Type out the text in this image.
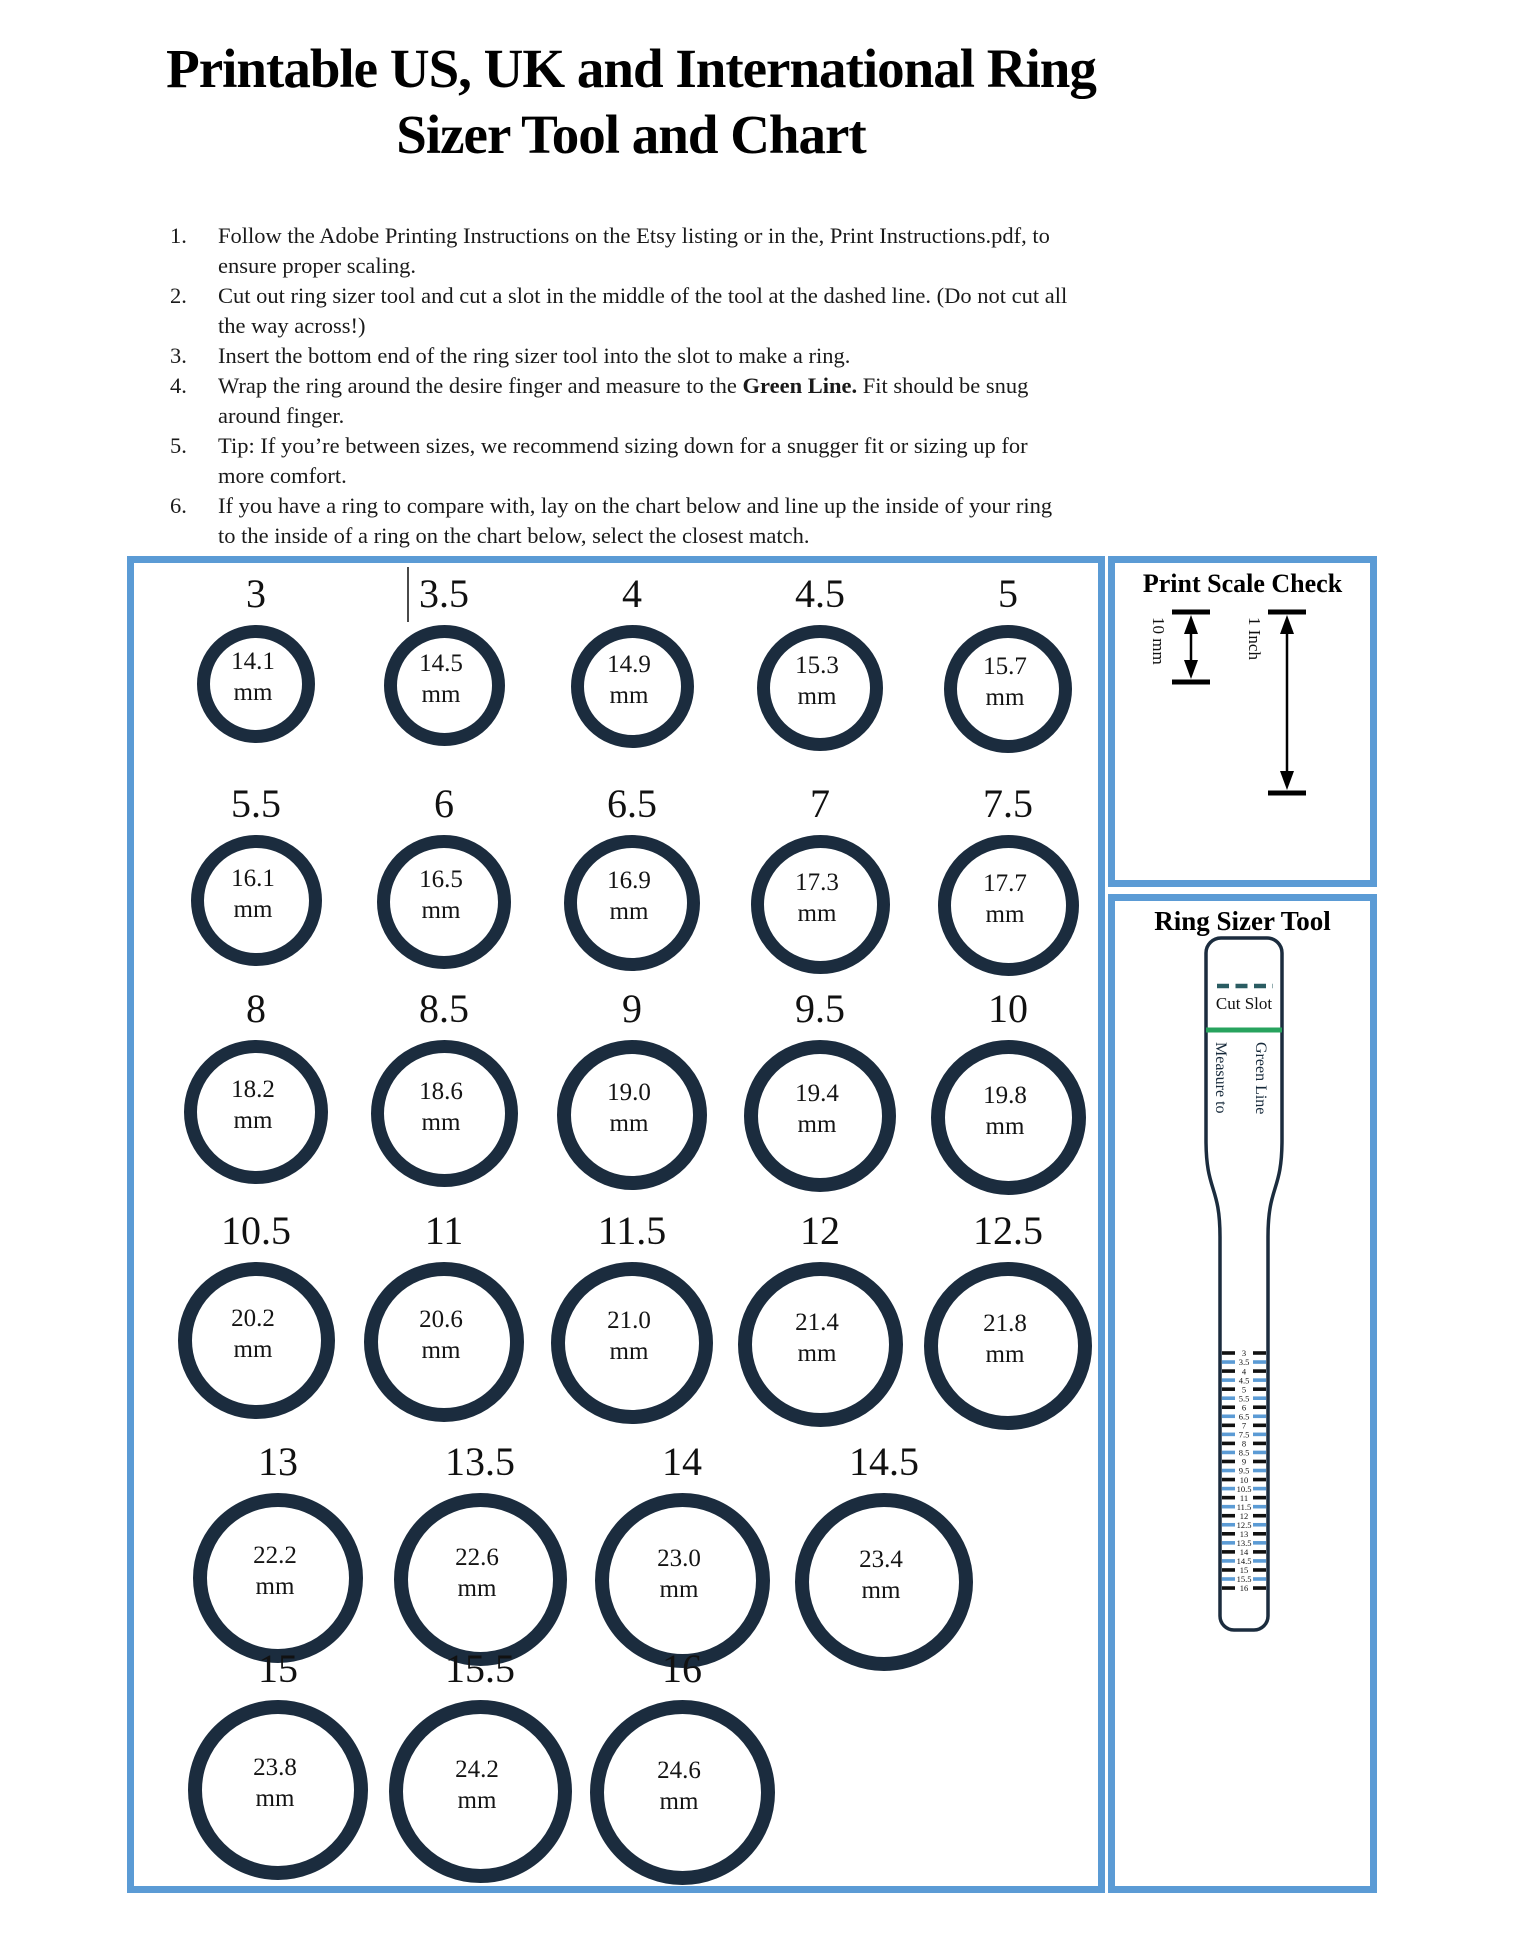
Printable US, UK and International Ring
Sizer Tool and Chart
1.	Follow the Adobe Printing Instructions on the Etsy listing or in the, Print Instructions.pdf, to ensure proper scaling.
2.	Cut out ring sizer tool and cut a slot in the middle of the tool at the dashed line. (Do not cut all the way across!)
3.	Insert the bottom end of the ring sizer tool into the slot to make a ring.
4.	Wrap the ring around the desire finger and measure to the Green Line. Fit should be snug around finger.
5.	Tip: If you’re between sizes, we recommend sizing down for a snugger fit or sizing up for more comfort.
6.	If you have a ring to compare with, lay on the chart below and line up the inside of your ring to the inside of a ring on the chart below, select the closest match.
3
14.1
mm
3.5
14.5
mm
4
14.9
mm
4.5
15.3
mm
5
15.7
mm
5.5
16.1
mm
6
16.5
mm
6.5
16.9
mm
7
17.3
mm
7.5
17.7
mm
8
18.2
mm
8.5
18.6
mm
9
19.0
mm
9.5
19.4
mm
10
19.8
mm
10.5
20.2
mm
11
20.6
mm
11.5
21.0
mm
12
21.4
mm
12.5
21.8
mm
13
22.2
mm
13.5
22.6
mm
14
23.0
mm
14.5
23.4
mm
15
23.8
mm
15.5
24.2
mm
16
24.6
mm
Print Scale Check
10 mm	1 Inch
Ring Sizer Tool
Cut Slot
Measure to Green Line
3
3.5
4
4.5
5
5.5
6
6.5
7
7.5
8
8.5
9
9.5
10
10.5
11
11.5
12
12.5
13
13.5
14
14.5
15
15.5
16
